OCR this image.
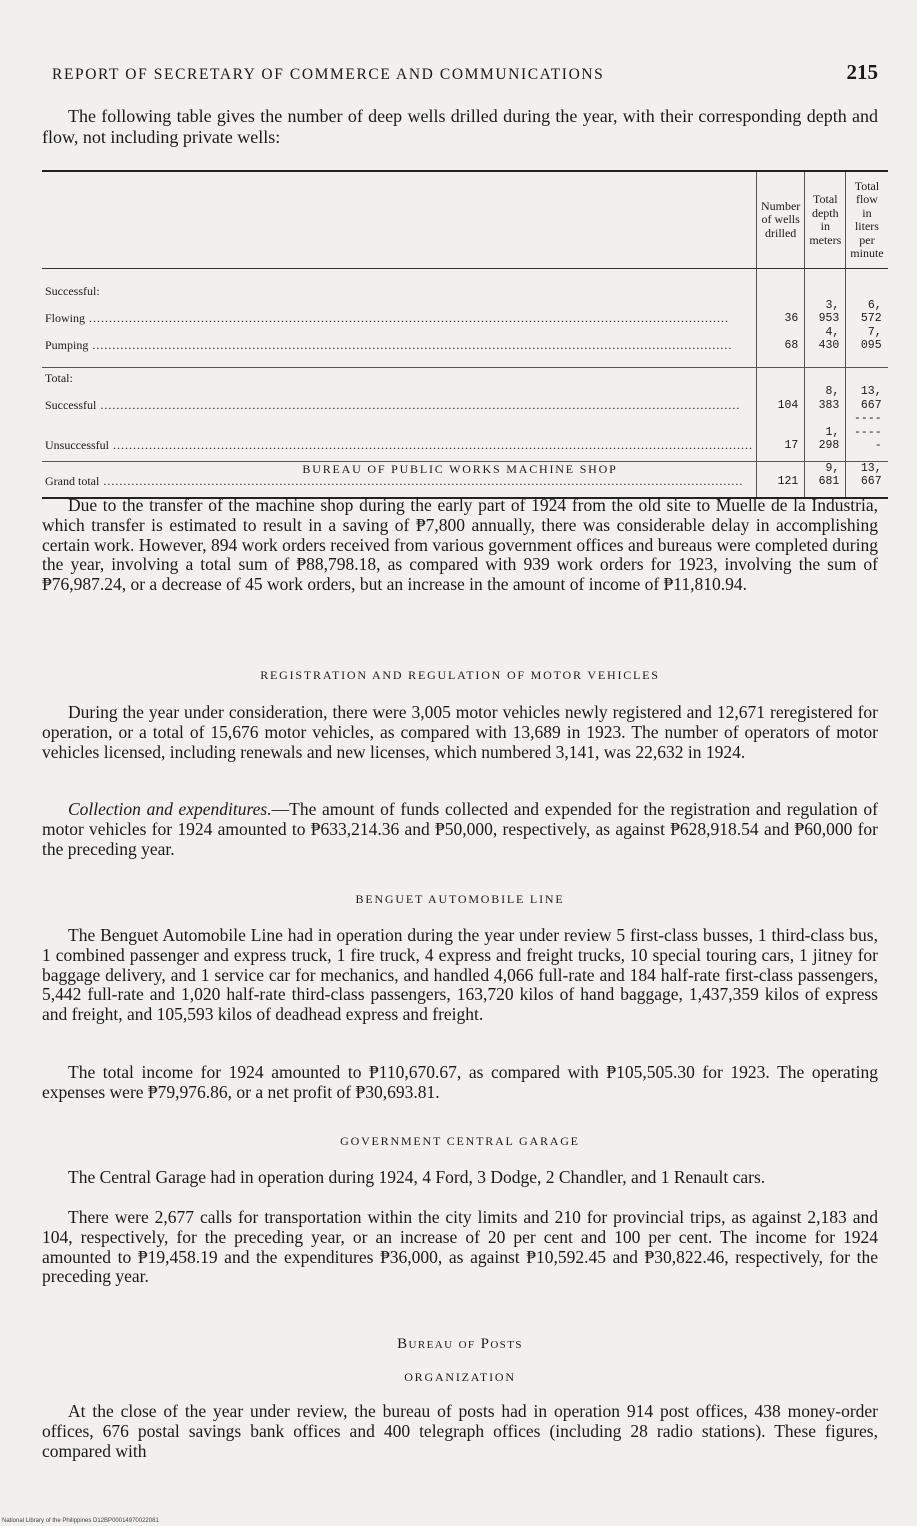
REPORT OF SECRETARY OF COMMERCE AND COMMUNICATIONS	215

The following table gives the number of deep wells drilled during the year, with their corresponding depth and flow, not including private wells:

	Number of wells drilled	Total depth in meters	Total flow in liters per minute

Successful:			

Flowing .....	36	3, 953	6, 572

Pumping .....	68	4, 430	7, 095

Total:			

Successful .....	104	8, 383	13, 667

Unsuccessful .....	17	1, 298	---------

Grand total .....	121	9, 681	13, 667
BUREAU OF PUBLIC WORKS MACHINE SHOP

Due to the transfer of the machine shop during the early part of 1924 from the old site to Muelle de la Industria, which transfer is estimated to result in a saving of ₱7,800 annually, there was considerable delay in accomplishing certain work. However, 894 work orders received from various government offices and bureaus were completed during the year, involving a total sum of ₱88,798.18, as compared with 939 work orders for 1923, involving the sum of ₱76,987.24, or a decrease of 45 work orders, but an increase in the amount of income of ₱11,810.94.

REGISTRATION AND REGULATION OF MOTOR VEHICLES

During the year under consideration, there were 3,005 motor vehicles newly registered and 12,671 reregistered for operation, or a total of 15,676 motor vehicles, as compared with 13,689 in 1923. The number of operators of motor vehicles licensed, including renewals and new licenses, which numbered 3,141, was 22,632 in 1924.

Collection and expenditures.—The amount of funds collected and expended for the registration and regulation of motor vehicles for 1924 amounted to ₱633,214.36 and ₱50,000, respectively, as against ₱628,918.54 and ₱60,000 for the preceding year.

BENGUET AUTOMOBILE LINE

The Benguet Automobile Line had in operation during the year under review 5 first-class busses, 1 third-class bus, 1 combined passenger and express truck, 1 fire truck, 4 express and freight trucks, 10 special touring cars, 1 jitney for baggage delivery, and 1 service car for mechanics, and handled 4,066 full-rate and 184 half-rate first-class passengers, 5,442 full-rate and 1,020 half-rate third-class passengers, 163,720 kilos of hand baggage, 1,437,359 kilos of express and freight, and 105,593 kilos of deadhead express and freight.

The total income for 1924 amounted to ₱110,670.67, as compared with ₱105,505.30 for 1923. The operating expenses were ₱79,976.86, or a net profit of ₱30,693.81.

GOVERNMENT CENTRAL GARAGE

The Central Garage had in operation during 1924, 4 Ford, 3 Dodge, 2 Chandler, and 1 Renault cars.

There were 2,677 calls for transportation within the city limits and 210 for provincial trips, as against 2,183 and 104, respectively, for the preceding year, or an increase of 20 per cent and 100 per cent. The income for 1924 amounted to ₱19,458.19 and the expenditures ₱36,000, as against ₱10,592.45 and ₱30,822.46, respectively, for the preceding year.

Bureau of Posts
ORGANIZATION

At the close of the year under review, the bureau of posts had in operation 914 post offices, 438 money-order offices, 676 postal savings bank offices and 400 telegraph offices (including 28 radio stations). These figures, compared with

National Library of the Philippines D12BP00014970022081
